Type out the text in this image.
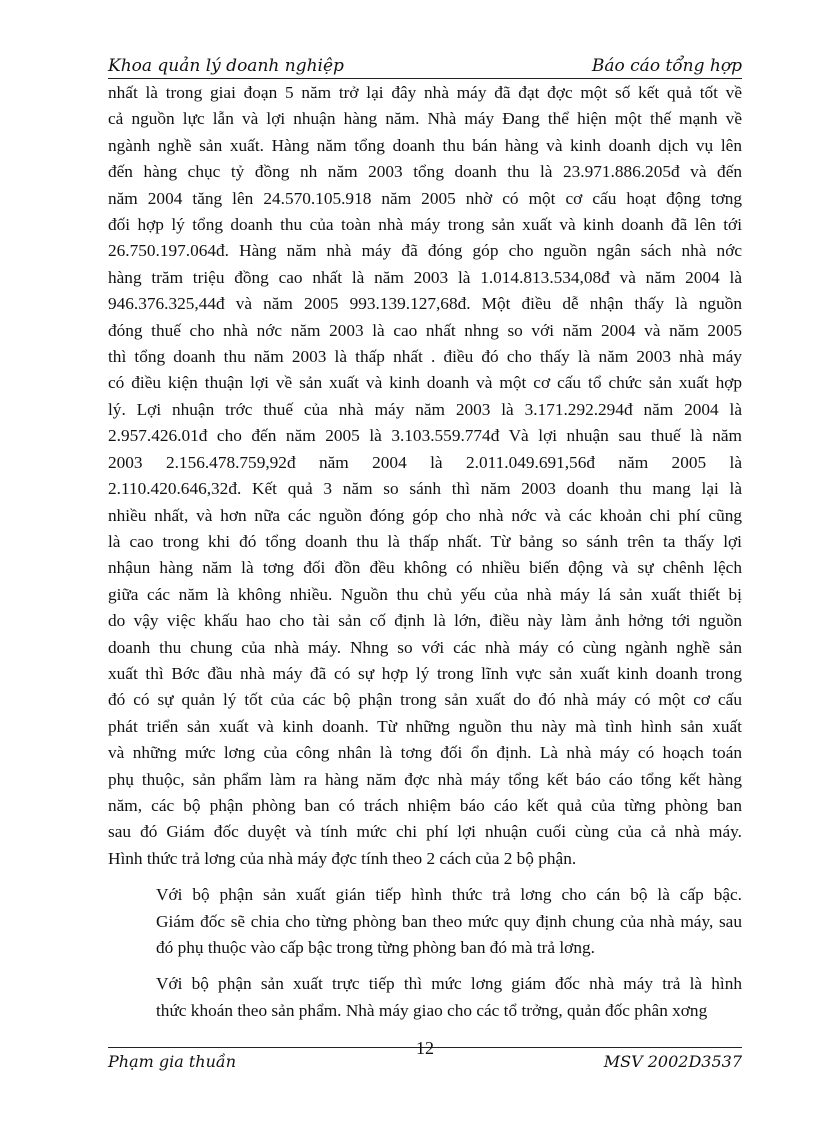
Khoa quản lý doanh nghiệp	Báo cáo tổng hợp
nhất là trong giai đoạn 5 năm trở lại đây nhà máy đã đạt đợc một số kết quả tốt về
cả nguồn lực lẫn và lợi nhuận hàng năm. Nhà máy Đang thể hiện một thế mạnh về
ngành nghề sản xuất. Hàng năm tổng doanh thu bán hàng và kinh doanh dịch vụ lên
đến hàng chục tỷ đồng nh năm 2003 tổng doanh thu là 23.971.886.205đ và đến
năm 2004 tăng lên 24.570.105.918 năm 2005 nhờ có một cơ cấu hoạt động tơng
đối hợp lý tổng doanh thu của toàn nhà máy trong sản xuất và kinh doanh đã lên tới
26.750.197.064đ. Hàng năm nhà máy đã đóng góp cho nguồn ngân sách nhà nớc
hàng trăm triệu đồng cao nhất là năm 2003 là 1.014.813.534,08đ và năm 2004 là
946.376.325,44đ và năm 2005 993.139.127,68đ. Một điều dễ nhận thấy là nguồn
đóng thuế cho nhà nớc năm 2003 là cao nhất nhng so với năm 2004 và năm 2005
thì tổng doanh thu năm 2003 là thấp nhất . điều đó cho thấy là năm 2003 nhà máy
có điều kiện thuận lợi về sản xuất và kinh doanh và một cơ cấu tổ chức sản xuất hợp
lý. Lợi nhuận trớc thuế của nhà máy năm 2003 là 3.171.292.294đ năm 2004 là
2.957.426.01đ cho đến năm 2005 là 3.103.559.774đ Và lợi nhuận sau thuế là năm
2003 2.156.478.759,92đ năm 2004 là 2.011.049.691,56đ năm 2005 là
2.110.420.646,32đ. Kết quả 3 năm so sánh thì năm 2003 doanh thu mang lại là
nhiều nhất, và hơn nữa các nguồn đóng góp cho nhà nớc và các khoản chi phí cũng
là cao trong khi đó tổng doanh thu là thấp nhất. Từ bảng so sánh trên ta thấy lợi
nhậun hàng năm là tơng đối đồn đều không có nhiều biến động và sự chênh lệch
giữa các năm là không nhiều. Nguồn thu chủ yếu của nhà máy lá sản xuất thiết bị
do vậy việc khấu hao cho tài sản cố định là lớn, điều này làm ảnh hởng tới nguồn
doanh thu chung của nhà máy. Nhng so với các nhà máy có cùng ngành nghề sản
xuất thì Bớc đầu nhà máy đã có sự hợp lý trong lĩnh vực sản xuất kinh doanh trong
đó có sự quản lý tốt của các bộ phận trong sản xuất do đó nhà máy có một cơ cấu
phát triển sản xuất và kinh doanh. Từ những nguồn thu này mà tình hình sản xuất
và những mức lơng của công nhân là tơng đối ổn định. Là nhà máy có hoạch toán
phụ thuộc, sản phẩm làm ra hàng năm đợc nhà máy tổng kết báo cáo tổng kết hàng
năm, các bộ phận phòng ban có trách nhiệm báo cáo kết quả của từng phòng ban
sau đó Giám đốc duyệt và tính mức chi phí lợi nhuận cuối cùng của cả nhà máy.
Hình thức trả lơng của nhà máy đợc tính theo 2 cách của 2 bộ phận.
Với bộ phận sản xuất gián tiếp hình thức trả lơng cho cán bộ là cấp bậc.
Giám đốc sẽ chia cho từng phòng ban theo mức quy định chung của nhà máy, sau
đó phụ thuộc vào cấp bậc trong từng phòng ban đó mà trả lơng.
Với bộ phận sản xuất trực tiếp thì mức lơng giám đốc nhà máy trả là hình
thức khoán theo sản phẩm. Nhà máy giao cho các tổ trởng, quản đốc phân xơng
Phạm gia thuần
12
MSV 2002D3537
